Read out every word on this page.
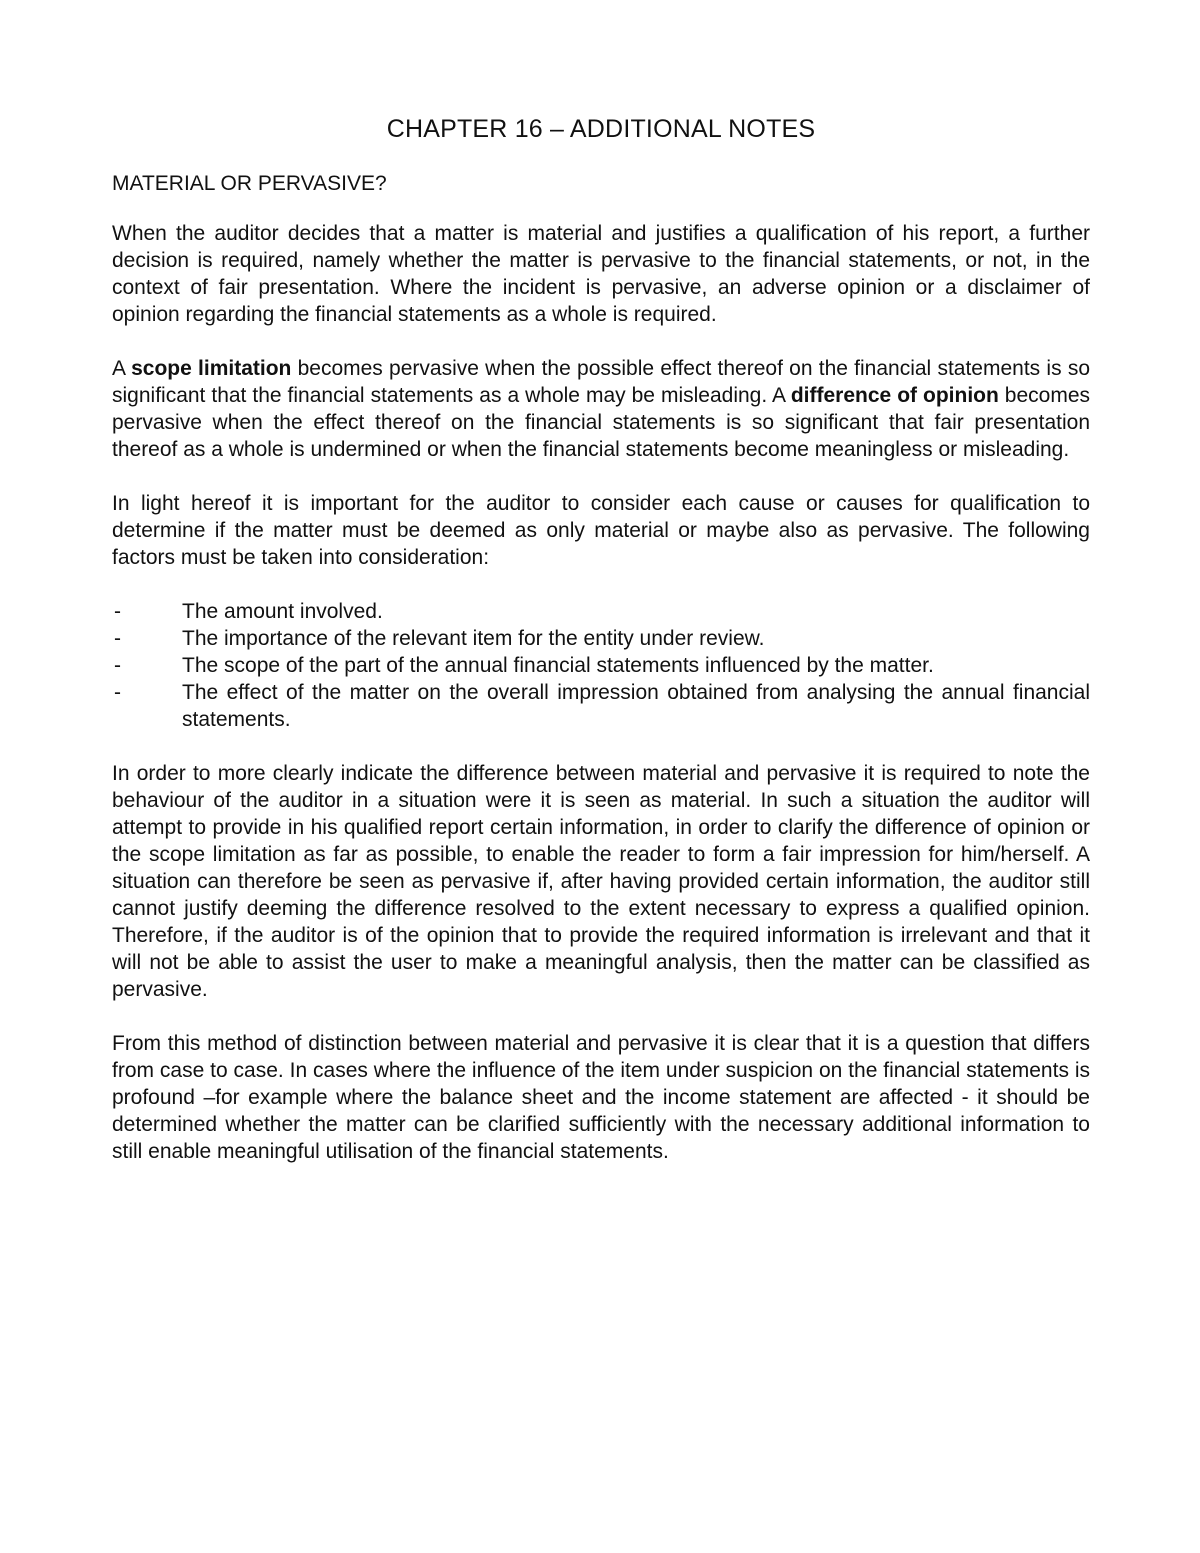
CHAPTER 16 – ADDITIONAL NOTES
MATERIAL OR PERVASIVE?

When the auditor decides that a matter is material and justifies a qualification of his report, a further decision is required, namely whether the matter is pervasive to the financial statements, or not, in the context of fair presentation. Where the incident is pervasive, an adverse opinion or a disclaimer of opinion regarding the financial statements as a whole is required.

A scope limitation becomes pervasive when the possible effect thereof on the financial statements is so significant that the financial statements as a whole may be misleading. A difference of opinion becomes pervasive when the effect thereof on the financial statements is so significant that fair presentation thereof as a whole is undermined or when the financial statements become meaningless or misleading.

In light hereof it is important for the auditor to consider each cause or causes for qualification to determine if the matter must be deemed as only material or maybe also as pervasive. The following factors must be taken into consideration:

-	The amount involved.
-	The importance of the relevant item for the entity under review.
-	The scope of the part of the annual financial statements influenced by the matter.
-	The effect of the matter on the overall impression obtained from analysing the annual financial statements.

In order to more clearly indicate the difference between material and pervasive it is required to note the behaviour of the auditor in a situation were it is seen as material. In such a situation the auditor will attempt to provide in his qualified report certain information, in order to clarify the difference of opinion or the scope limitation as far as possible, to enable the reader to form a fair impression for him/herself. A situation can therefore be seen as pervasive if, after having provided certain information, the auditor still cannot justify deeming the difference resolved to the extent necessary to express a qualified opinion. Therefore, if the auditor is of the opinion that to provide the required information is irrelevant and that it will not be able to assist the user to make a meaningful analysis, then the matter can be classified as pervasive.

From this method of distinction between material and pervasive it is clear that it is a question that differs from case to case. In cases where the influence of the item under suspicion on the financial statements is profound –for example where the balance sheet and the income statement are affected - it should be determined whether the matter can be clarified sufficiently with the necessary additional information to still enable meaningful utilisation of the financial statements.
